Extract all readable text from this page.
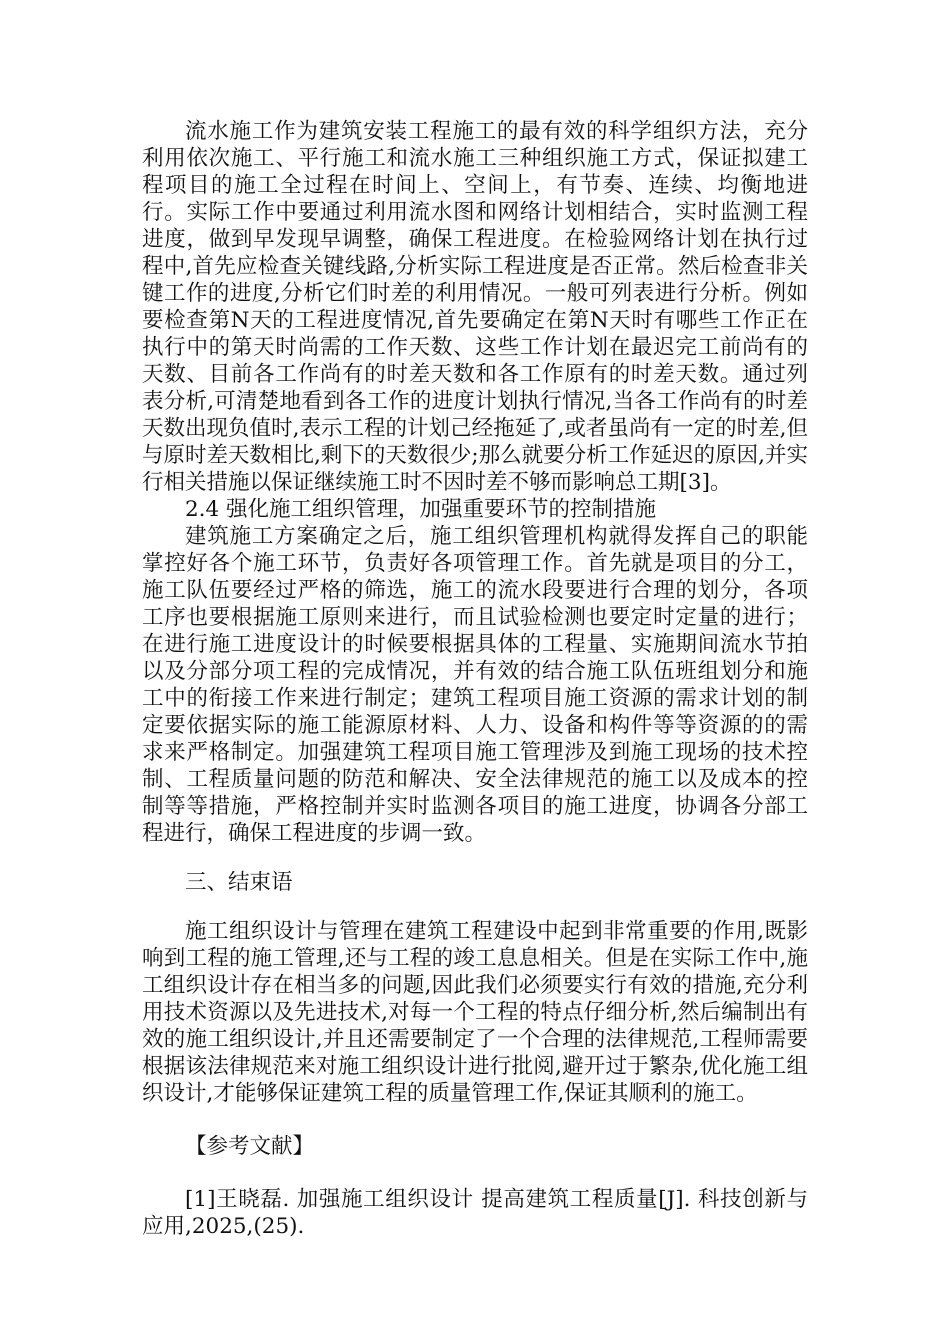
流水施工作为建筑安装工程施工的最有效的科学组织方法，充分利用依次施工、平行施工和流水施工三种组织施工方式，保证拟建工程项目的施工全过程在时间上、空间上，有节奏、连续、均衡地进行。实际工作中要通过利用流水图和网络计划相结合，实时监测工程进度，做到早发现早调整，确保工程进度。在检验网络计划在执行过程中,首先应检查关键线路,分析实际工程进度是否正常。然后检查非关键工作的进度,分析它们时差的利用情况。一般可列表进行分析。例如要检查第N天的工程进度情况,首先要确定在第N天时有哪些工作正在执行中的第天时尚需的工作天数、这些工作计划在最迟完工前尚有的天数、目前各工作尚有的时差天数和各工作原有的时差天数。通过列表分析,可清楚地看到各工作的进度计划执行情况,当各工作尚有的时差天数出现负值时,表示工程的计划己经拖延了,或者虽尚有一定的时差,但与原时差天数相比,剩下的天数很少;那么就要分析工作延迟的原因,并实行相关措施以保证继续施工时不因时差不够而影响总工期[3]。

2.4 强化施工组织管理，加强重要环节的控制措施

建筑施工方案确定之后，施工组织管理机构就得发挥自己的职能掌控好各个施工环节，负责好各项管理工作。首先就是项目的分工，施工队伍要经过严格的筛选，施工的流水段要进行合理的划分，各项工序也要根据施工原则来进行，而且试验检测也要定时定量的进行；在进行施工进度设计的时候要根据具体的工程量、实施期间流水节拍以及分部分项工程的完成情况，并有效的结合施工队伍班组划分和施工中的衔接工作来进行制定；建筑工程项目施工资源的需求计划的制定要依据实际的施工能源原材料、人力、设备和构件等等资源的的需求来严格制定。加强建筑工程项目施工管理涉及到施工现场的技术控制、工程质量问题的防范和解决、安全法律规范的施工以及成本的控制等等措施，严格控制并实时监测各项目的施工进度，协调各分部工程进行，确保工程进度的步调一致。

三、结束语

施工组织设计与管理在建筑工程建设中起到非常重要的作用,既影响到工程的施工管理,还与工程的竣工息息相关。但是在实际工作中,施工组织设计存在相当多的问题,因此我们必须要实行有效的措施,充分利用技术资源以及先进技术,对每一个工程的特点仔细分析,然后编制出有效的施工组织设计,并且还需要制定了一个合理的法律规范,工程师需要根据该法律规范来对施工组织设计进行批阅,避开过于繁杂,优化施工组织设计,才能够保证建筑工程的质量管理工作,保证其顺利的施工。

【参考文献】

[1]王晓磊. 加强施工组织设计 提高建筑工程质量[J]. 科技创新与应用,2025,(25).
